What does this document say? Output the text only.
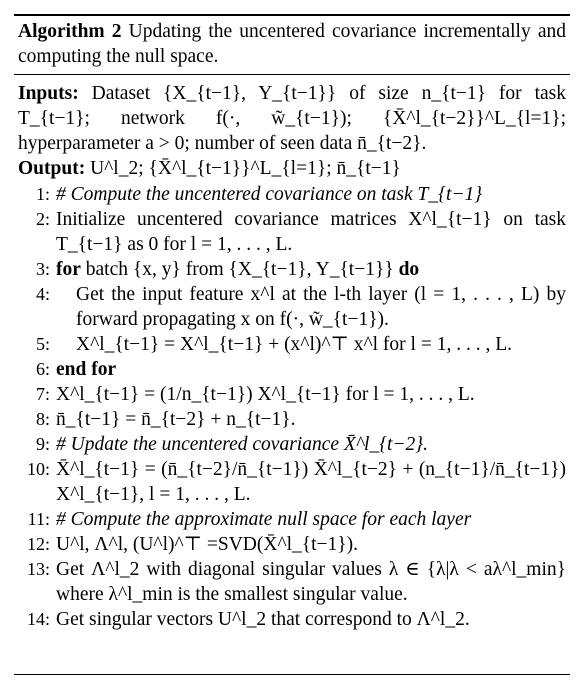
Algorithm 2 Updating the uncentered covariance incrementally and computing the null space.

Inputs: Dataset {X_{t−1}, Y_{t−1}} of size n_{t−1} for task T_{t−1}; network f(·, w̃_{t−1}); {X̄^l_{t−2}}^L_{l=1}; hyperparameter a > 0; number of seen data n̄_{t−2}.

Output: U^l_2; {X̄^l_{t−1}}^L_{l=1}; n̄_{t−1}

1: # Compute the uncentered covariance on task T_{t−1}
2: Initialize uncentered covariance matrices X^l_{t−1} on task T_{t−1} as 0 for l = 1, . . . , L.
3: for batch {x, y} from {X_{t−1}, Y_{t−1}} do
4:	Get the input feature x^l at the l-th layer (l = 1, . . . , L) by forward propagating x on f(·, w̃_{t−1}).
5:	X^l_{t−1} = X^l_{t−1} + (x^l)^⊤ x^l for l = 1, . . . , L.
6: end for
7: X^l_{t−1} = (1/n_{t−1}) X^l_{t−1} for l = 1, . . . , L.
8: n̄_{t−1} = n̄_{t−2} + n_{t−1}.
9: # Update the uncentered covariance X̄^l_{t−2}.
10: X̄^l_{t−1} = (n̄_{t−2}/n̄_{t−1}) X̄^l_{t−2} + (n_{t−1}/n̄_{t−1}) X^l_{t−1}, l = 1, . . . , L.
11: # Compute the approximate null space for each layer
12: U^l, Λ^l, (U^l)^⊤ =SVD(X̄^l_{t−1}).
13: Get Λ^l_2 with diagonal singular values λ ∈ {λ|λ < aλ^l_min} where λ^l_min is the smallest singular value.
14: Get singular vectors U^l_2 that correspond to Λ^l_2.
